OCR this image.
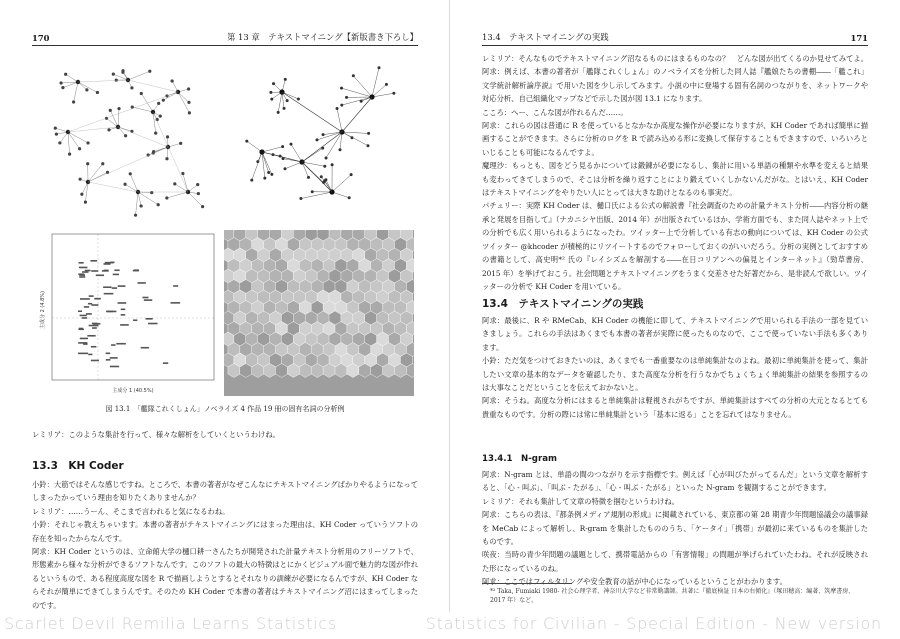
170	第 13 章　テキストマイニング【新版書き下ろし】
主成分 1 (40.5%)
主成分 2 (4.8%)
図 13.1　「艦隊これくしょん」ノベライズ 4 作品 19 冊の固有名詞の分析例

レミリア：このような集計を行って、様々な解析をしていくというわけね。

13.3　KH Coder

小鈴：大筋ではそんな感じですね。ところで、本書の著者がなぜこんなにテキストマイニングばかりやるようになってしまったかっていう理由を知りたくありませんか？

レミリア：……うーん、そこまで言われると気になるわね。

小鈴：それじゃ教えちゃいます。本書の著者がテキストマイニングにはまった理由は、KH Coder っていうソフトの存在を知ったからなんです。

阿求：KH Coder というのは、立命館大学の樋口耕一さんたちが開発された計量テキスト分析用のフリーソフトで、形態素から様々な分析ができるソフトなんです。このソフトの最大の特徴はとにかくビジュアル面で魅力的な図が作れるというもので、ある程度高度な図を R で描画しようとするとそれなりの訓練が必要になるんですが、KH Coder ならそれが簡単にできてしまうんです。そのため KH Coder で本書の著者はテキストマイニング沼にはまってしまったのです。

13.4　テキストマイニングの実践	171

レミリア：そんなものでテキストマイニング沼なるものにはまるものなの？　どんな図が出てくるのか見せてみてよ。

阿求：例えば、本書の著者が「艦隊これくしょん」のノベライズを分析した同人誌『艦娘たちの書棚――「艦これ」文学統計解析論序説』で用いた図を少し示してみます。小説の中に登場する固有名詞のつながりを、ネットワークや対応分析、自己組織化マップなどで示した図が図 13.1 になります。

こころ：へー、こんな図が作れるんだ……。

阿求：これらの図は普通に R を使っているとなかなか高度な操作が必要になりますが、KH Coder であれば簡単に描画することができます。さらに分析のログを R で読み込める形に変換して保存することもできますので、いろいろといじることも可能になるんですよ。

魔理沙：もっとも、図をどう見るかについては鍛錬が必要になるし、集計に用いる単語の種類や水準を変えると結果も変わってきてしまうので、そこは分析を繰り返すことにより鍛えていくしかないんだがな。とはいえ、KH Coder はテキストマイニングをやりたい人にとっては大きな助けとなるのも事実だ。

パチュリー：実際 KH Coder は、樋口氏による公式の解説書『社会調査のための計量テキスト分析――内容分析の継承と発展を目指して』（ナカニシヤ出版、2014 年）が出版されているほか、学術方面でも、また同人誌やネット上での分析でも広く用いられるようになったわ。ツイッター上で分析している有志の動向については、KH Coder の公式ツイッター @khcoder が積極的にリツイートするのでフォローしておくのがいいだろう。分析の実例としておすすめの書籍として、高史明*² 氏の『レイシズムを解剖する――在日コリアンへの偏見とインターネット』（勁草書房、2015 年）を挙げておこう。社会問題とテキストマイニングをうまく交差させた好著だから、是非読んで欲しい。ツイッターの分析で KH Coder を用いている。

13.4　テキストマイニングの実践

阿求：最後に、R や RMeCab、KH Coder の機能に即して、テキストマイニングで用いられる手法の一部を見ていきましょう。これらの手法はあくまでも本書の著者が実際に使ったものなので、ここで使っていない手法も多くあります。

小鈴：ただ気をつけておきたいのは、あくまでも一番重要なのは単純集計なのよね。最初に単純集計を使って、集計したい文章の基本的なデータを確認したり、また高度な分析を行うなかでちょくちょく単純集計の結果を参照するのは大事なことだということを伝えておかないと。

阿求：そうね。高度な分析にはまると単純集計は軽視されがちですが、単純集計はすべての分析の大元となるとても貴重なものです。分析の際には常に単純集計という「基本に返る」ことを忘れてはなりません。

13.4.1　N-gram

阿求：N-gram とは、単語の間のつながりを示す指標です。例えば「心が叫びたがってるんだ」という文章を解析すると、「心 - 叫ぶ」、「叫ぶ - たがる」、「心 - 叫ぶ - たがる」といった N-gram を観測することができます。

レミリア：それも集計して文章の特徴を掴むというわけね。

阿求：こちらの表は、『都条例メディア規制の形成』に掲載されている、東京都の第 28 期青少年問題協議会の議事録を MeCab によって解析し、R-gram を集計したもののうち、「ケータイ」「携帯」が最初に来ているものを集計したものです。

咲夜：当時の青少年問題の議題として、携帯電話からの「有害情報」の問題が挙げられていたわね。それが反映された形になっているのね。

阿求：ここではフィルタリングや安全教育の話が中心になっているということがわかります。

*² Taka, Fumiaki 1980- 社会心理学者、神奈川大学など非常勤講師。共著に『徹底検証 日本の右傾化』（塚田穂高：編著、筑摩書房、2017 年）など。
Scarlet Devil Remilia Learns Statistics	Statistics for Civilian - Special Edition - New version
